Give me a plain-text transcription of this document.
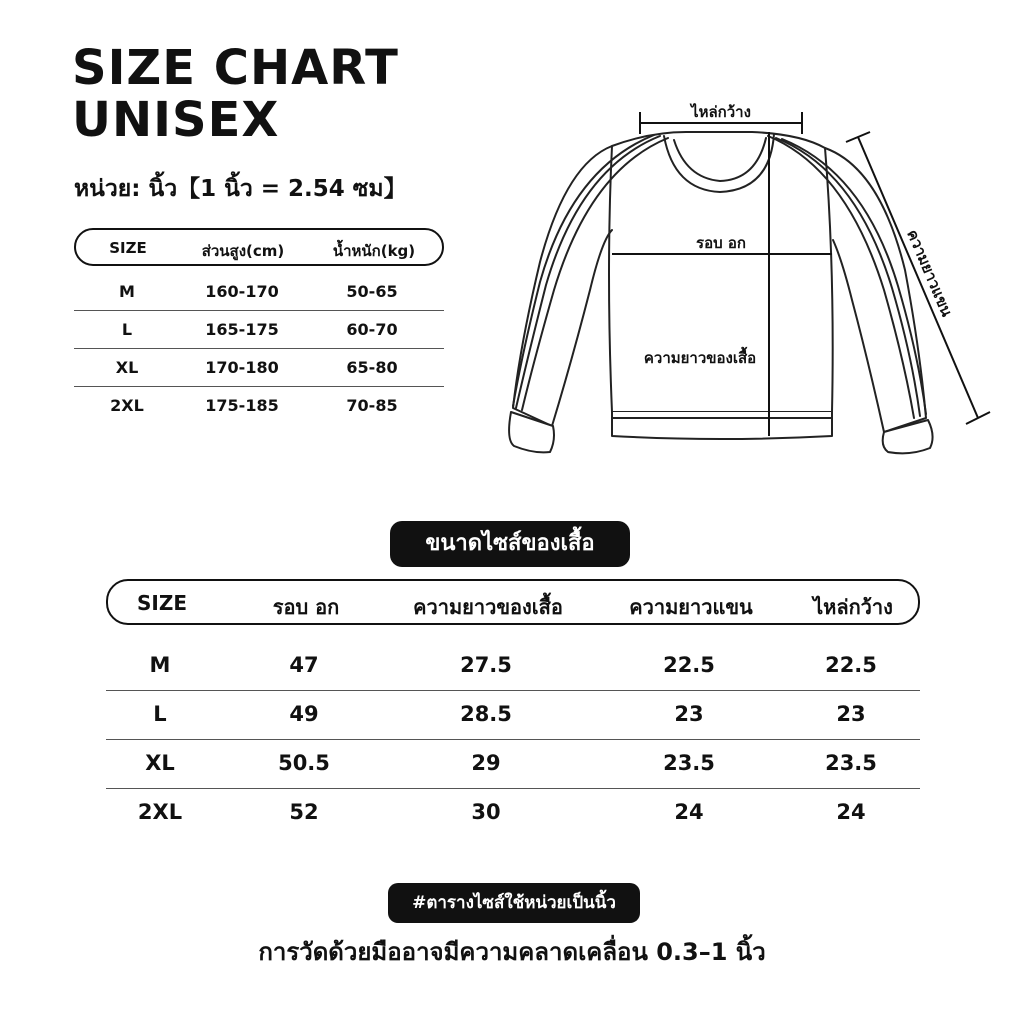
SIZE CHART
UNISEX
หน่วย: นิ้ว【1 นิ้ว = 2.54 ซม】
SIZE	ส่วนสูง(cm)	น้ำหนัก(kg)
M	160-170	50-65
L	165-175	60-70
XL	170-180	65-80
2XL	175-185	70-85
ไหล่กว้าง
รอบ อก
ความยาวของเสื้อ
ความยาวแขน
ขนาดไซส์ของเสื้อ
SIZE	รอบ อก	ความยาวของเสื้อ	ความยาวแขน	ไหล่กว้าง
M	47	27.5	22.5	22.5
L	49	28.5	23	23
XL	50.5	29	23.5	23.5
2XL	52	30	24	24
#ตารางไซส์ใช้หน่วยเป็นนิ้ว
การวัดด้วยมืออาจมีความคลาดเคลื่อน 0.3–1 นิ้ว
